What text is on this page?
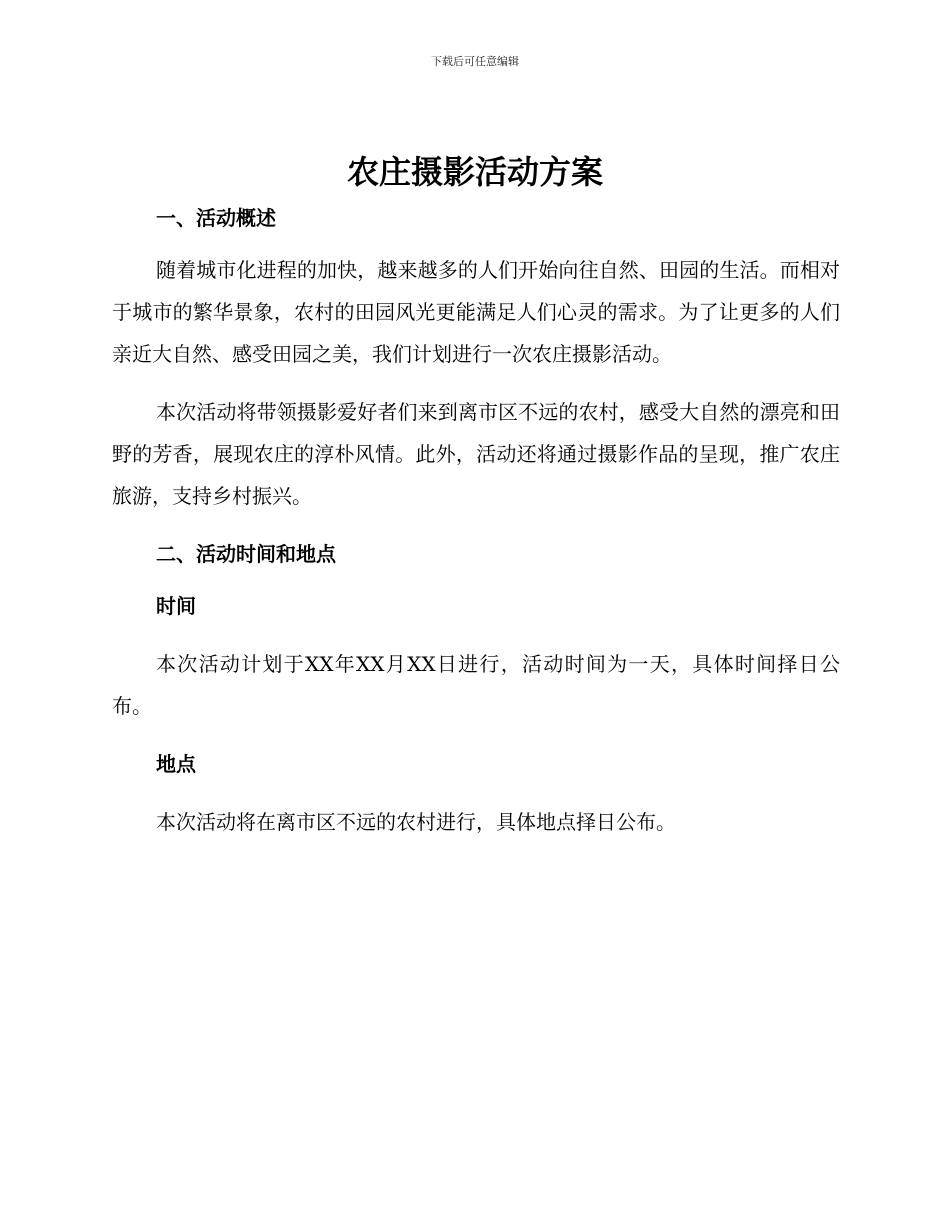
下载后可任意编辑
农庄摄影活动方案
一、活动概述

随着城市化进程的加快，越来越多的人们开始向往自然、田园的生活。而相对于城市的繁华景象，农村的田园风光更能满足人们心灵的需求。为了让更多的人们亲近大自然、感受田园之美，我们计划进行一次农庄摄影活动。

本次活动将带领摄影爱好者们来到离市区不远的农村，感受大自然的漂亮和田野的芳香，展现农庄的淳朴风情。此外，活动还将通过摄影作品的呈现，推广农庄旅游，支持乡村振兴。

二、活动时间和地点
时间

本次活动计划于XX年XX月XX日进行，活动时间为一天，具体时间择日公布。

地点

本次活动将在离市区不远的农村进行，具体地点择日公布。
